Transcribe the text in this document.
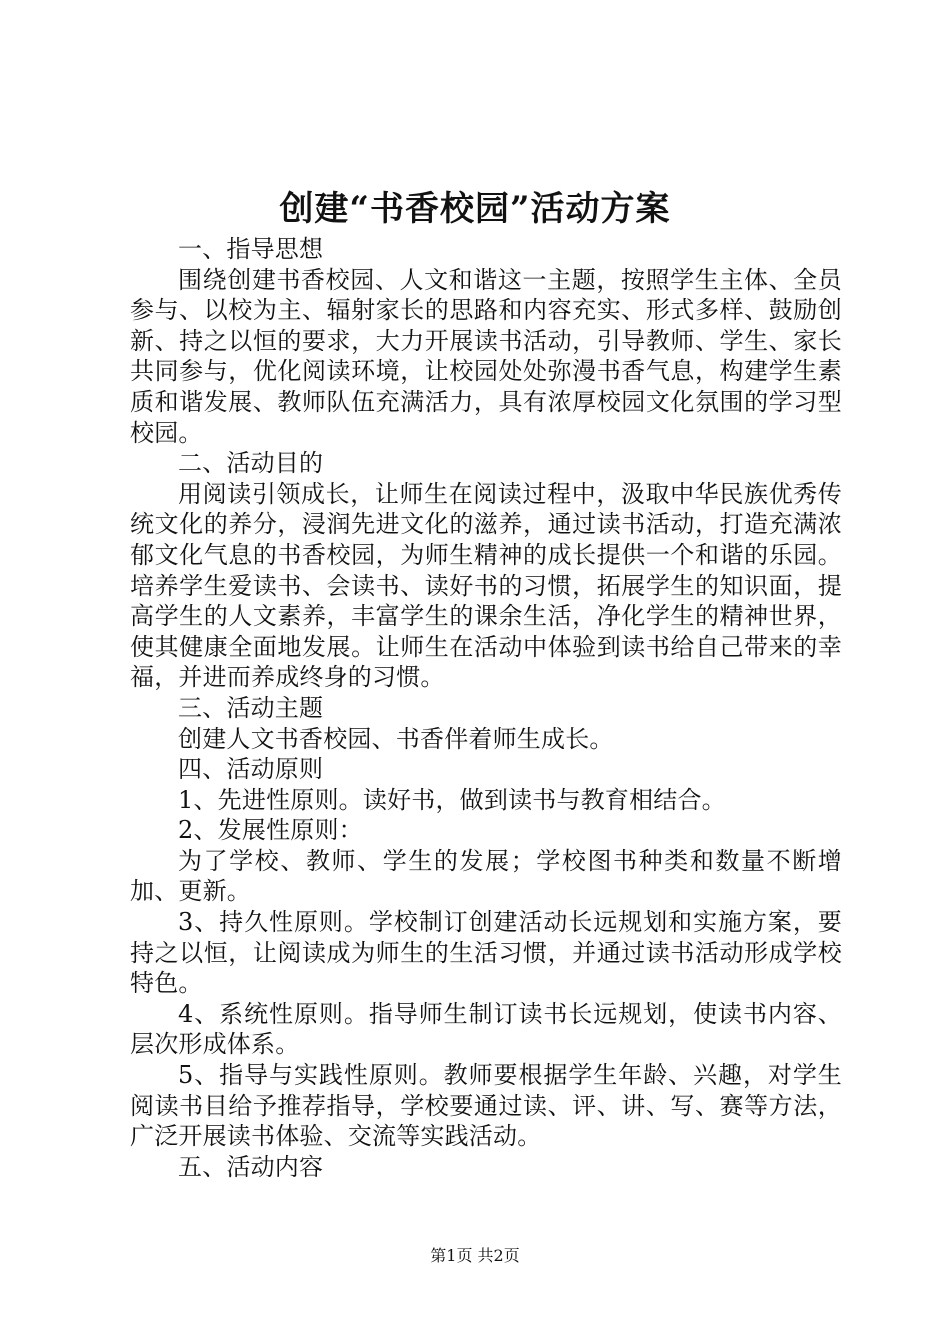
创建“书香校园”活动方案

一、指导思想

围绕创建书香校园、人文和谐这一主题，按照学生主体、全员参与、以校为主、辐射家长的思路和内容充实、形式多样、鼓励创新、持之以恒的要求，大力开展读书活动，引导教师、学生、家长共同参与，优化阅读环境，让校园处处弥漫书香气息，构建学生素质和谐发展、教师队伍充满活力，具有浓厚校园文化氛围的学习型校园。

二、活动目的

用阅读引领成长，让师生在阅读过程中，汲取中华民族优秀传统文化的养分，浸润先进文化的滋养，通过读书活动，打造充满浓郁文化气息的书香校园，为师生精神的成长提供一个和谐的乐园。培养学生爱读书、会读书、读好书的习惯，拓展学生的知识面，提高学生的人文素养，丰富学生的课余生活，净化学生的精神世界，使其健康全面地发展。让师生在活动中体验到读书给自己带来的幸福，并进而养成终身的习惯。

三、活动主题

创建人文书香校园、书香伴着师生成长。

四、活动原则

1、先进性原则。读好书，做到读书与教育相结合。

2、发展性原则：

为了学校、教师、学生的发展；学校图书种类和数量不断增加、更新。

3、持久性原则。学校制订创建活动长远规划和实施方案，要持之以恒，让阅读成为师生的生活习惯，并通过读书活动形成学校特色。

4、系统性原则。指导师生制订读书长远规划，使读书内容、层次形成体系。

5、指导与实践性原则。教师要根据学生年龄、兴趣，对学生阅读书目给予推荐指导，学校要通过读、评、讲、写、赛等方法，广泛开展读书体验、交流等实践活动。

五、活动内容

第1页 共2页
